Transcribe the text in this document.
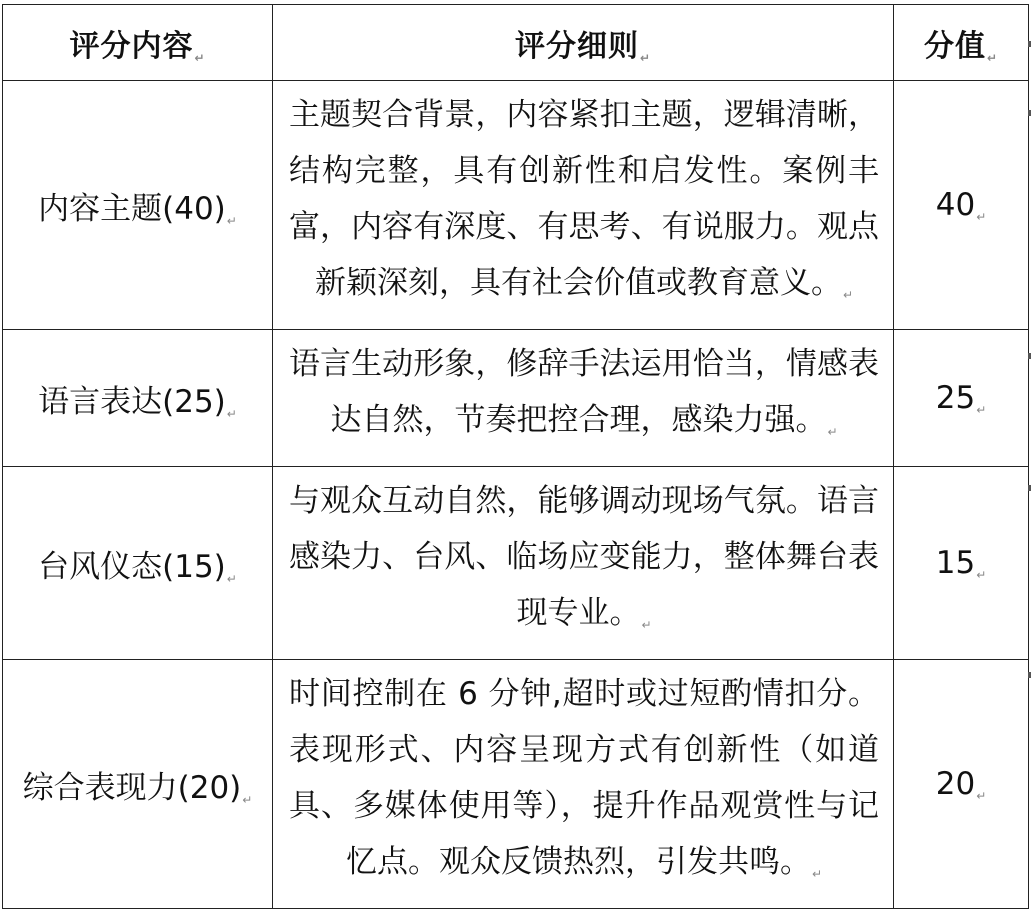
评分内容$_↵$	评分细则$_↵$	分值$_↵$
内容主题(40)↵	主题契合背景，内容紧扣主题，逻辑清晰，结构完整，具有创新性和启发性。案例丰富，内容有深度、有思考、有说服力。观点新颖深刻，具有社会价值或教育意义。↵	40↵
语言表达(25)↵	语言生动形象，修辞手法运用恰当，情感表达自然，节奏把控合理，感染力强。↵	25↵
台风仪态(15)↵	与观众互动自然，能够调动现场气氛。语言感染力、台风、临场应变能力，整体舞台表现专业。↵	15↵
综合表现力(20)↵	时间控制在 6 分钟,超时或过短酌情扣分。表现形式、内容呈现方式有创新性（如道具、多媒体使用等），提升作品观赏性与记忆点。观众反馈热烈，引发共鸣。↵	20↵
